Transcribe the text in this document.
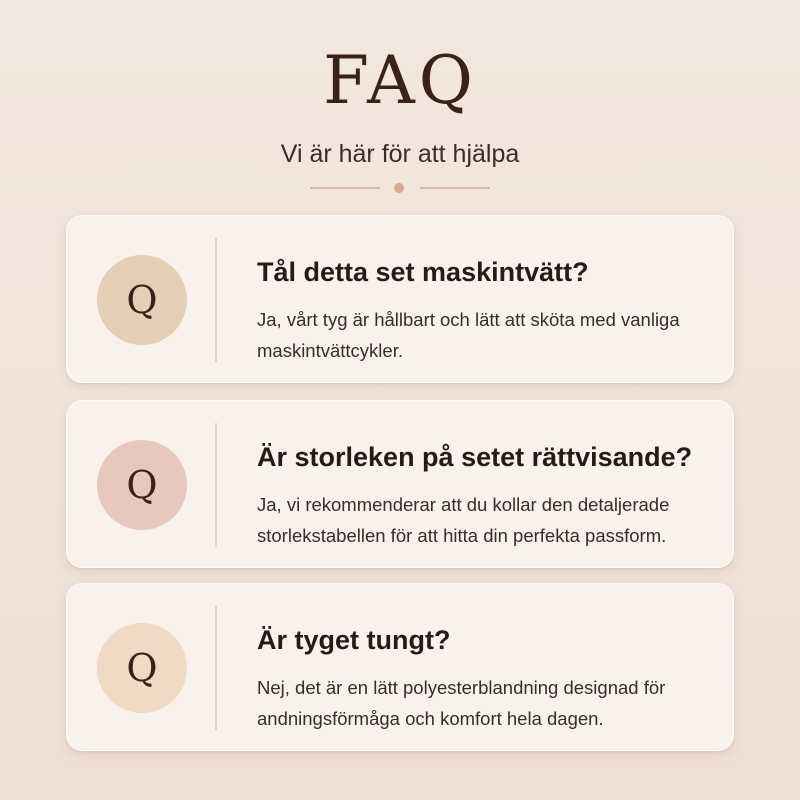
FAQ
Vi är här för att hjälpa
Q
Tål detta set maskintvätt?
Ja, vårt tyg är hållbart och lätt att sköta med vanliga maskintvättcykler.
Q
Är storleken på setet rättvisande?
Ja, vi rekommenderar att du kollar den detaljerade storlekstabellen för att hitta din perfekta passform.
Q
Är tyget tungt?
Nej, det är en lätt polyesterblandning designad för andningsförmåga och komfort hela dagen.
